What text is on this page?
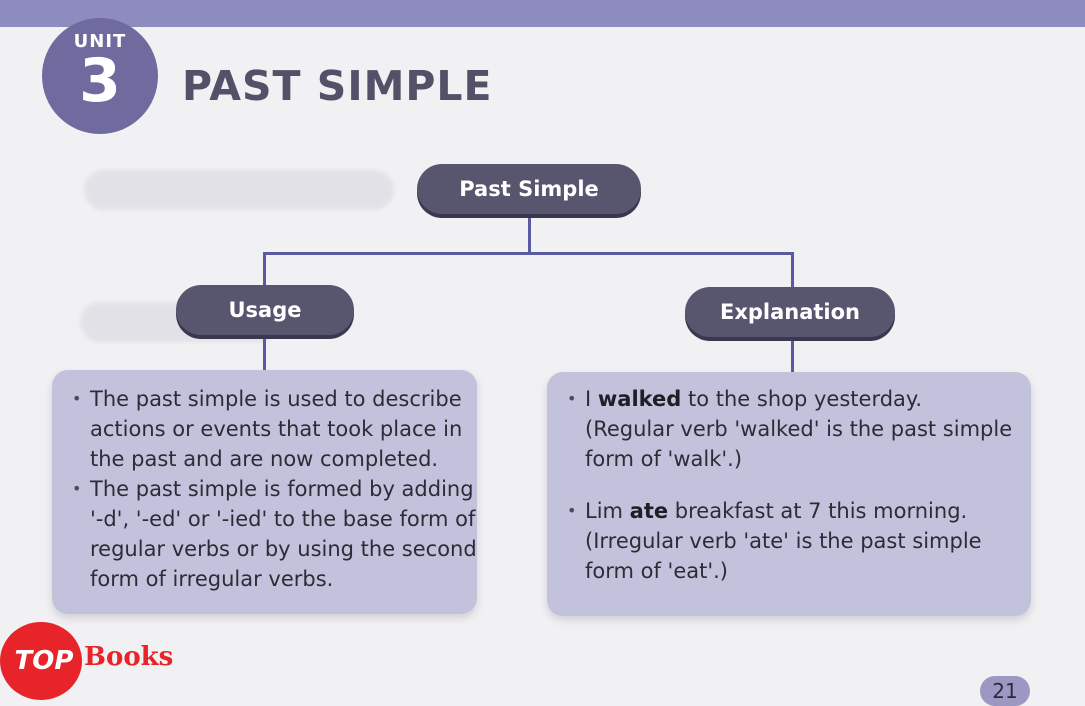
UNIT
3	PAST SIMPLE
Past Simple
Usage	Explanation
• The past simple is used to describe actions or events that took place in the past and are now completed.
• The past simple is formed by adding '-d', '-ed' or '-ied' to the base form of regular verbs or by using the second form of irregular verbs.
• I walked to the shop yesterday.
(Regular verb 'walked' is the past simple form of 'walk'.)
• Lim ate breakfast at 7 this morning.
(Irregular verb 'ate' is the past simple form of 'eat'.)
TOP Books
21
